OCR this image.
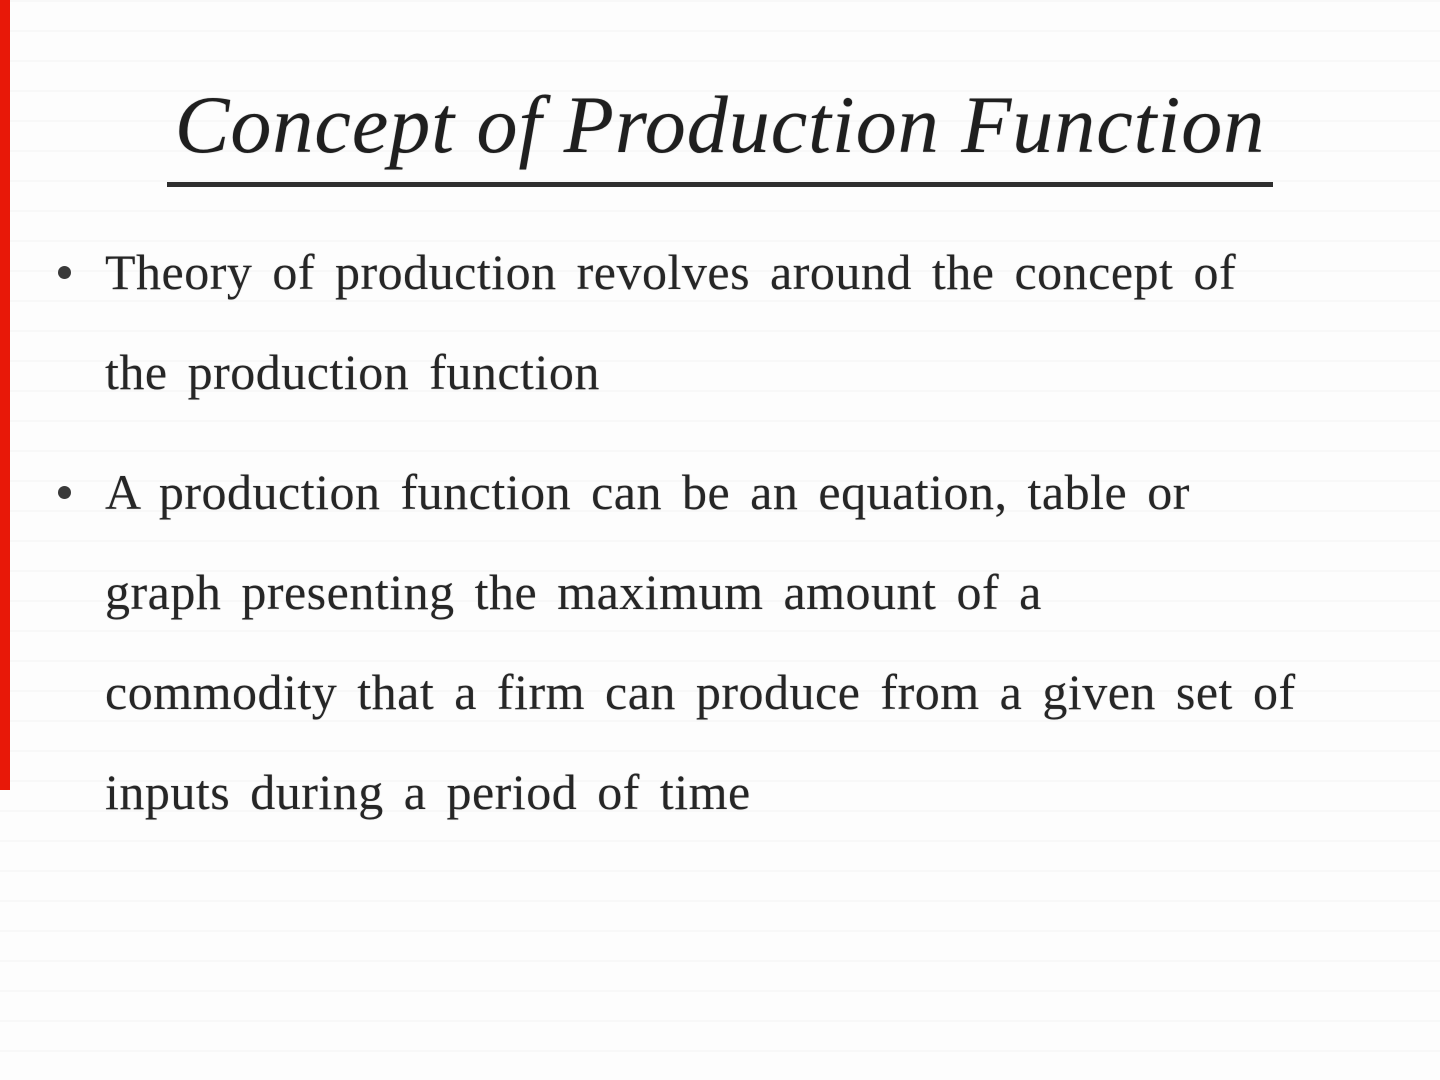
Concept of Production Function
Theory of production revolves around the concept of
the production function
A production function can be an equation, table or
graph presenting the maximum amount of a
commodity that a firm can produce from a given set of
inputs during a period of time
